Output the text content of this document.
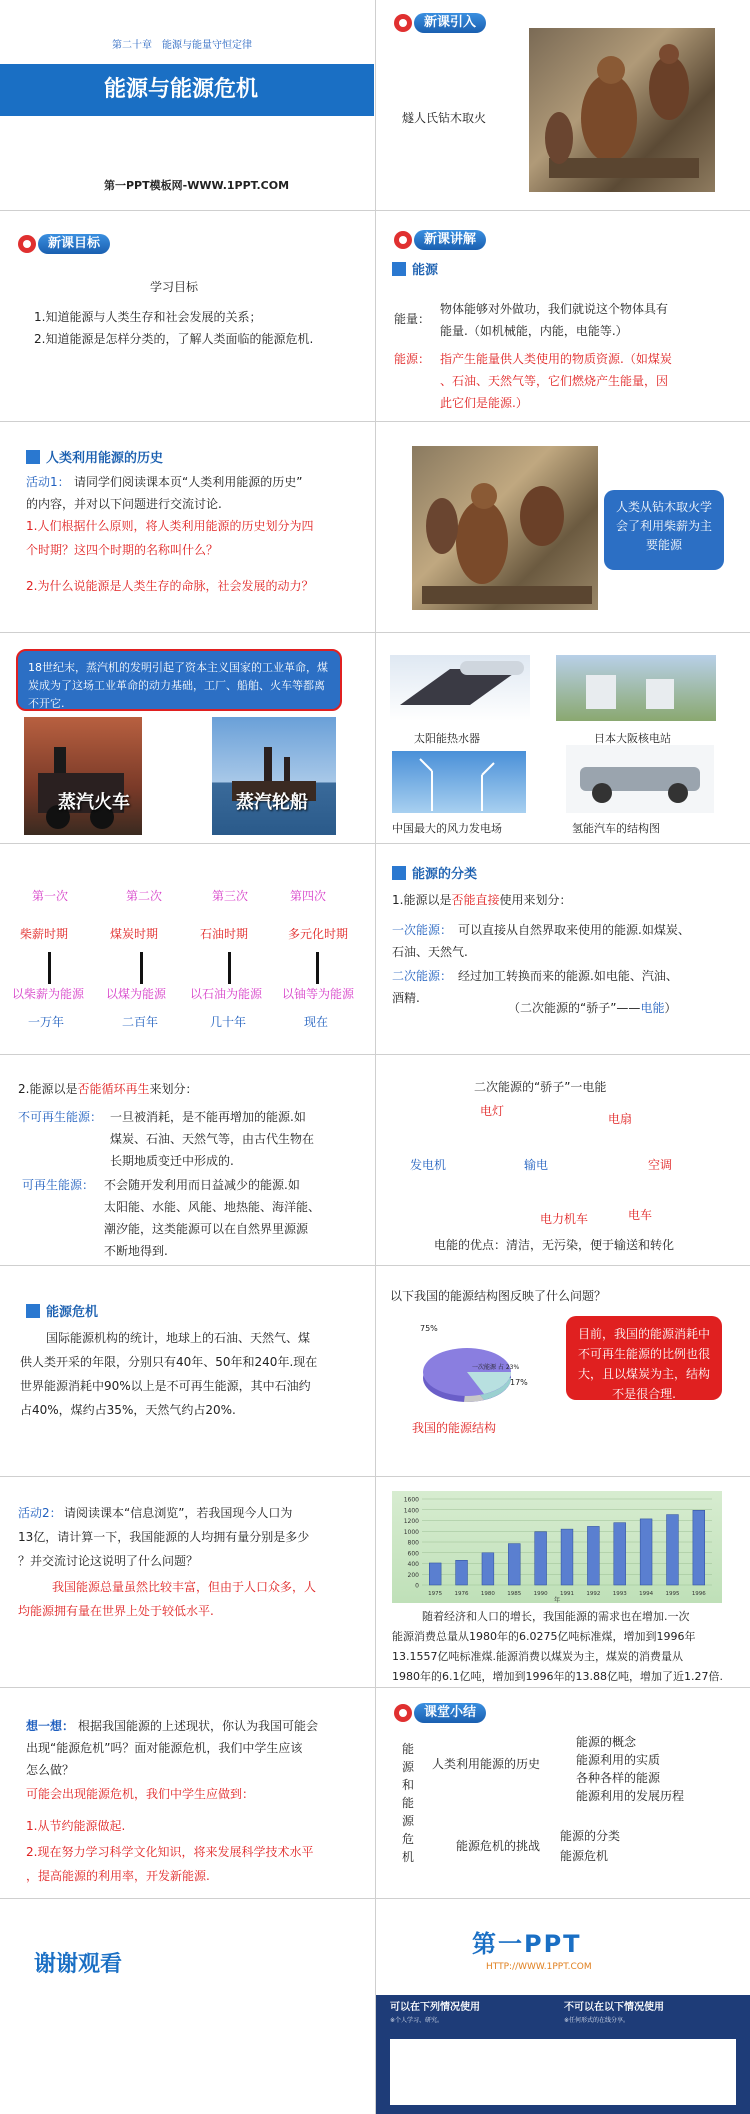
第二十章　能源与能量守恒定律
能源与能源危机
第一PPT模板网-WWW.1PPT.COM
新课引入
燧人氏钻木取火
新课目标
学习目标
1.知道能源与人类生存和社会发展的关系；
2.知道能源是怎样分类的，了解人类面临的能源危机.
新课讲解
能源
能量：
物体能够对外做功，我们就说这个物体具有
能量.（如机械能，内能，电能等.）
能源： 指产生能量供人类使用的物质资源.（如煤炭
、石油、天然气等，它们燃烧产生能量，因
此它们是能源.）
人类利用能源的历史
活动1： 请同学们阅读课本页“人类利用能源的历史”
的内容，并对以下问题进行交流讨论.
1.人们根据什么原则，将人类利用能源的历史划分为四
个时期？这四个时期的名称叫什么？
2.为什么说能源是人类生存的命脉，社会发展的动力？
人类从钻木取火学会了利用柴薪为主要能源
18世纪末，蒸汽机的发明引起了资本主义国家的工业革命，煤炭成为了这场工业革命的动力基础，工厂、船舶、火车等都离不开它.
蒸汽火车	蒸汽轮船
太阳能热水器	日本大阪核电站
中国最大的风力发电场	氢能汽车的结构图
第一次	第二次	第三次	第四次
柴薪时期	煤炭时期	石油时期	多元化时期
以柴薪为能源 以煤为能源 以石油为能源 以铀等为能源
一万年	二百年	几十年	现在
能源的分类
1.能源以是否能直接使用来划分：
一次能源： 可以直接从自然界取来使用的能源.如煤炭、
石油、天然气.
二次能源： 经过加工转换而来的能源.如电能、汽油、
酒精.
（二次能源的“骄子”——电能）
2.能源以是否能循环再生来划分：
不可再生能源： 一旦被消耗，是不能再增加的能源.如
煤炭、石油、天然气等，由古代生物在
长期地质变迁中形成的.
可再生能源： 不会随开发利用而日益减少的能源.如
太阳能、水能、风能、地热能、海洋能、
潮汐能，这类能源可以在自然界里源源
不断地得到.
二次能源的“骄子”一电能
电灯
电扇
发电机	输电	空调
电力机车	电车
电能的优点：清洁，无污染，便于输送和转化
能源危机
国际能源机构的统计，地球上的石油、天然气、煤
供人类开采的年限，分别只有40年、50年和240年.现在
世界能源消耗中90%以上是不可再生能源，其中石油约
占40%，煤约占35%，天然气约占20%.
以下我国的能源结构图反映了什么问题？
75%
一次能源 占 23%
17%
我国的能源结构
目前，我国的能源消耗中不可再生能源的比例也很大，且以煤炭为主，结构不是很合理.
活动2： 请阅读课本“信息浏览”，若我国现今人口为
13亿，请计算一下，我国能源的人均拥有量分别是多少
？并交流讨论这说明了什么问题？
我国能源总量虽然比较丰富，但由于人口众多，人
均能源拥有量在世界上处于较低水平.
0
200
400
600
800
1000
1200
1400
1600
1975 1976 1980 1985 1990 1991 1992 1993 1994 1995 1996
年
随着经济和人口的增长，我国能源的需求也在增加.一次
能源消费总量从1980年的6.0275亿吨标准煤，增加到1996年
13.1557亿吨标准煤.能源消费以煤炭为主，煤炭的消费量从
1980年的6.1亿吨，增加到1996年的13.88亿吨，增加了近1.27倍.
想一想： 根据我国能源的上述现状，你认为我国可能会
出现“能源危机”吗？面对能源危机，我们中学生应该
怎么做？
可能会出现能源危机，我们中学生应做到：
1.从节约能源做起.
2.现在努力学习科学文化知识，将来发展科学技术水平
，提高能源的利用率，开发新能源.
课堂小结
能
源
和
能
源
危
机
人类利用能源的历史
能源危机的挑战
能源的概念
能源利用的实质
各种各样的能源
能源利用的发展历程
能源的分类
能源危机
谢谢观看
第一PPT
HTTP://WWW.1PPT.COM
可以在下列情况使用	不可以在以下情况使用
※个人学习、研究。	※任何形式的在线分享。
